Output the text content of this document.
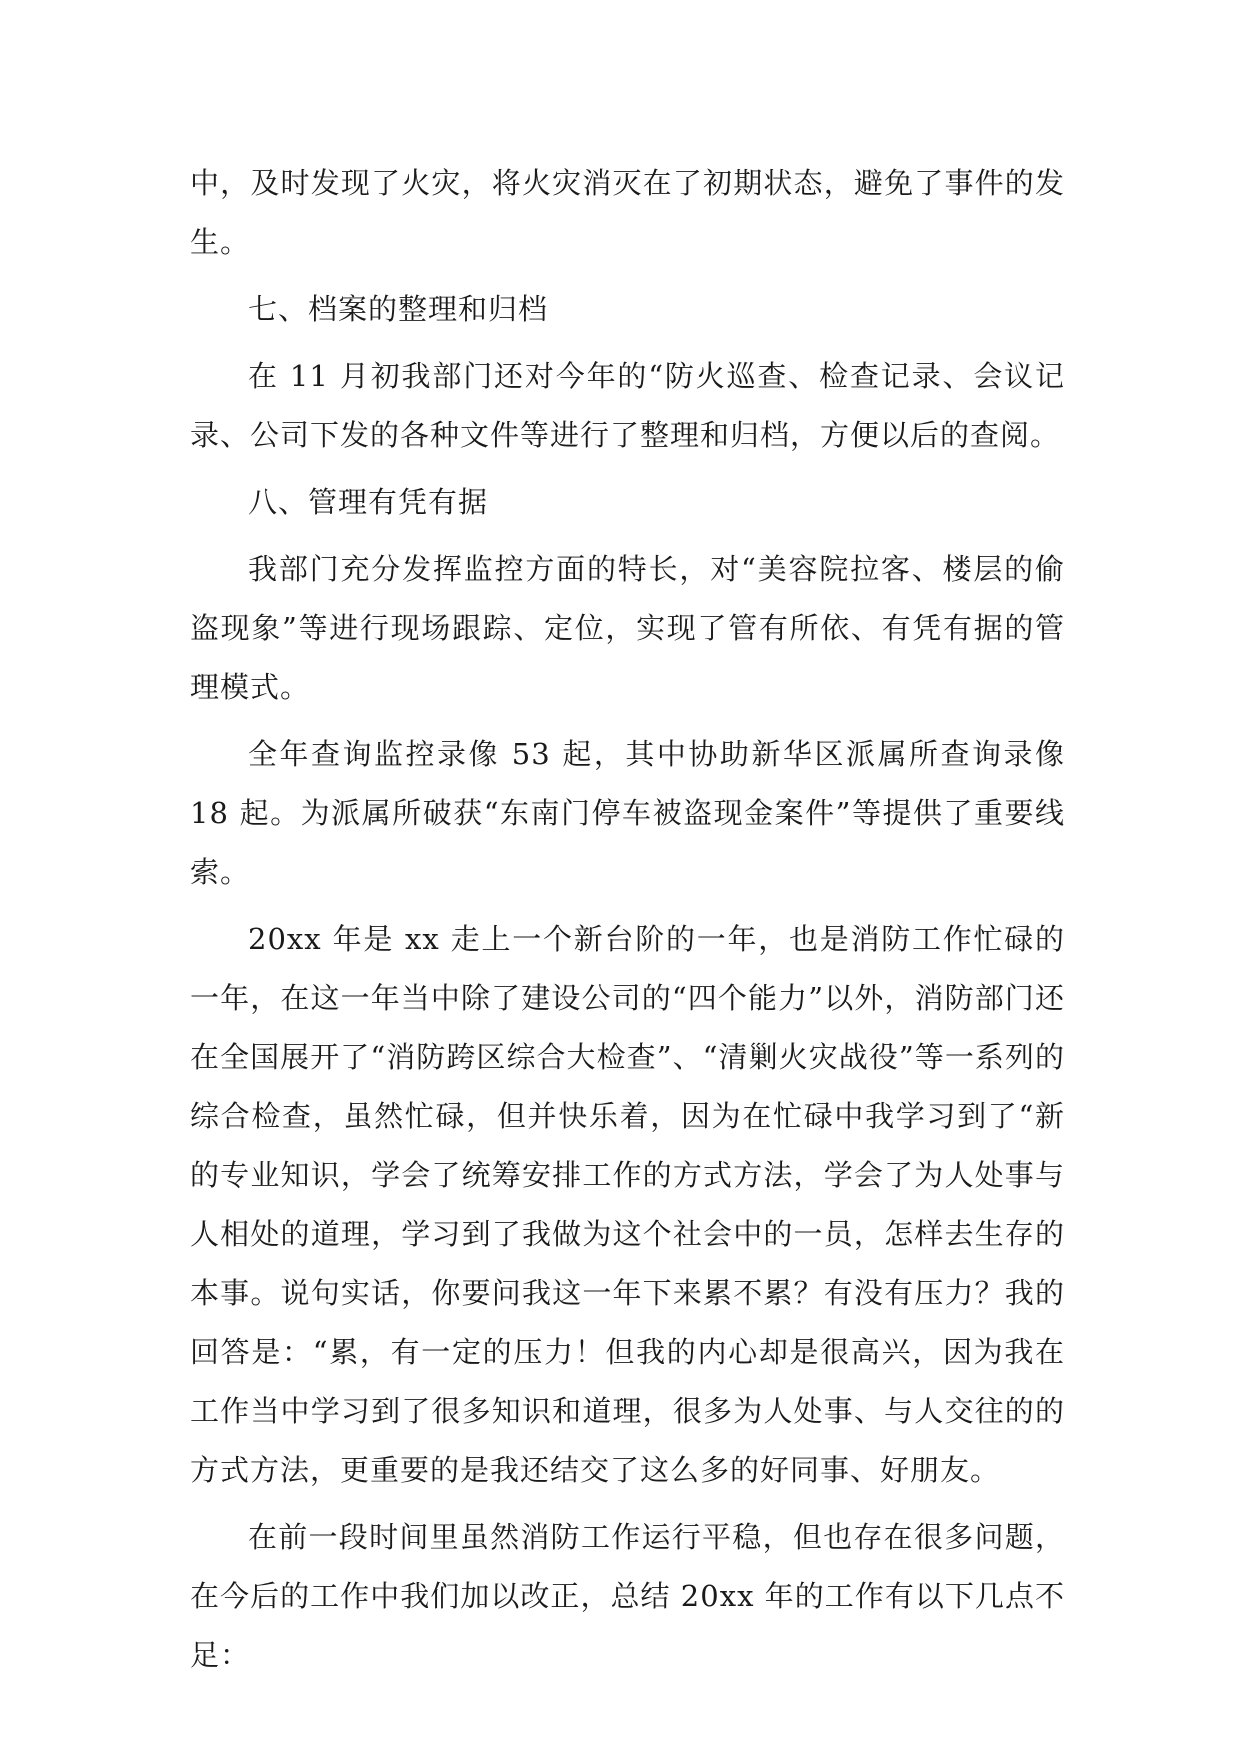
中，及时发现了火灾，将火灾消灭在了初期状态，避免了事件的发生。

七、档案的整理和归档

在 11 月初我部门还对今年的“防火巡查、检查记录、会议记录、公司下发的各种文件等进行了整理和归档，方便以后的查阅。

八、管理有凭有据

我部门充分发挥监控方面的特长，对“美容院拉客、楼层的偷盗现象”等进行现场跟踪、定位，实现了管有所依、有凭有据的管理模式。

全年查询监控录像 53 起，其中协助新华区派属所查询录像 18 起。为派属所破获“东南门停车被盗现金案件”等提供了重要线索。

20xx 年是 xx 走上一个新台阶的一年，也是消防工作忙碌的一年，在这一年当中除了建设公司的“四个能力”以外，消防部门还在全国展开了“消防跨区综合大检查”、“清剿火灾战役”等一系列的综合检查，虽然忙碌，但并快乐着，因为在忙碌中我学习到了“新的专业知识，学会了统筹安排工作的方式方法，学会了为人处事与人相处的道理，学习到了我做为这个社会中的一员，怎样去生存的本事。说句实话，你要问我这一年下来累不累？有没有压力？我的回答是：“累，有一定的压力！但我的内心却是很高兴，因为我在工作当中学习到了很多知识和道理，很多为人处事、与人交往的的方式方法，更重要的是我还结交了这么多的好同事、好朋友。

在前一段时间里虽然消防工作运行平稳，但也存在很多问题，在今后的工作中我们加以改正，总结 20xx 年的工作有以下几点不足：
